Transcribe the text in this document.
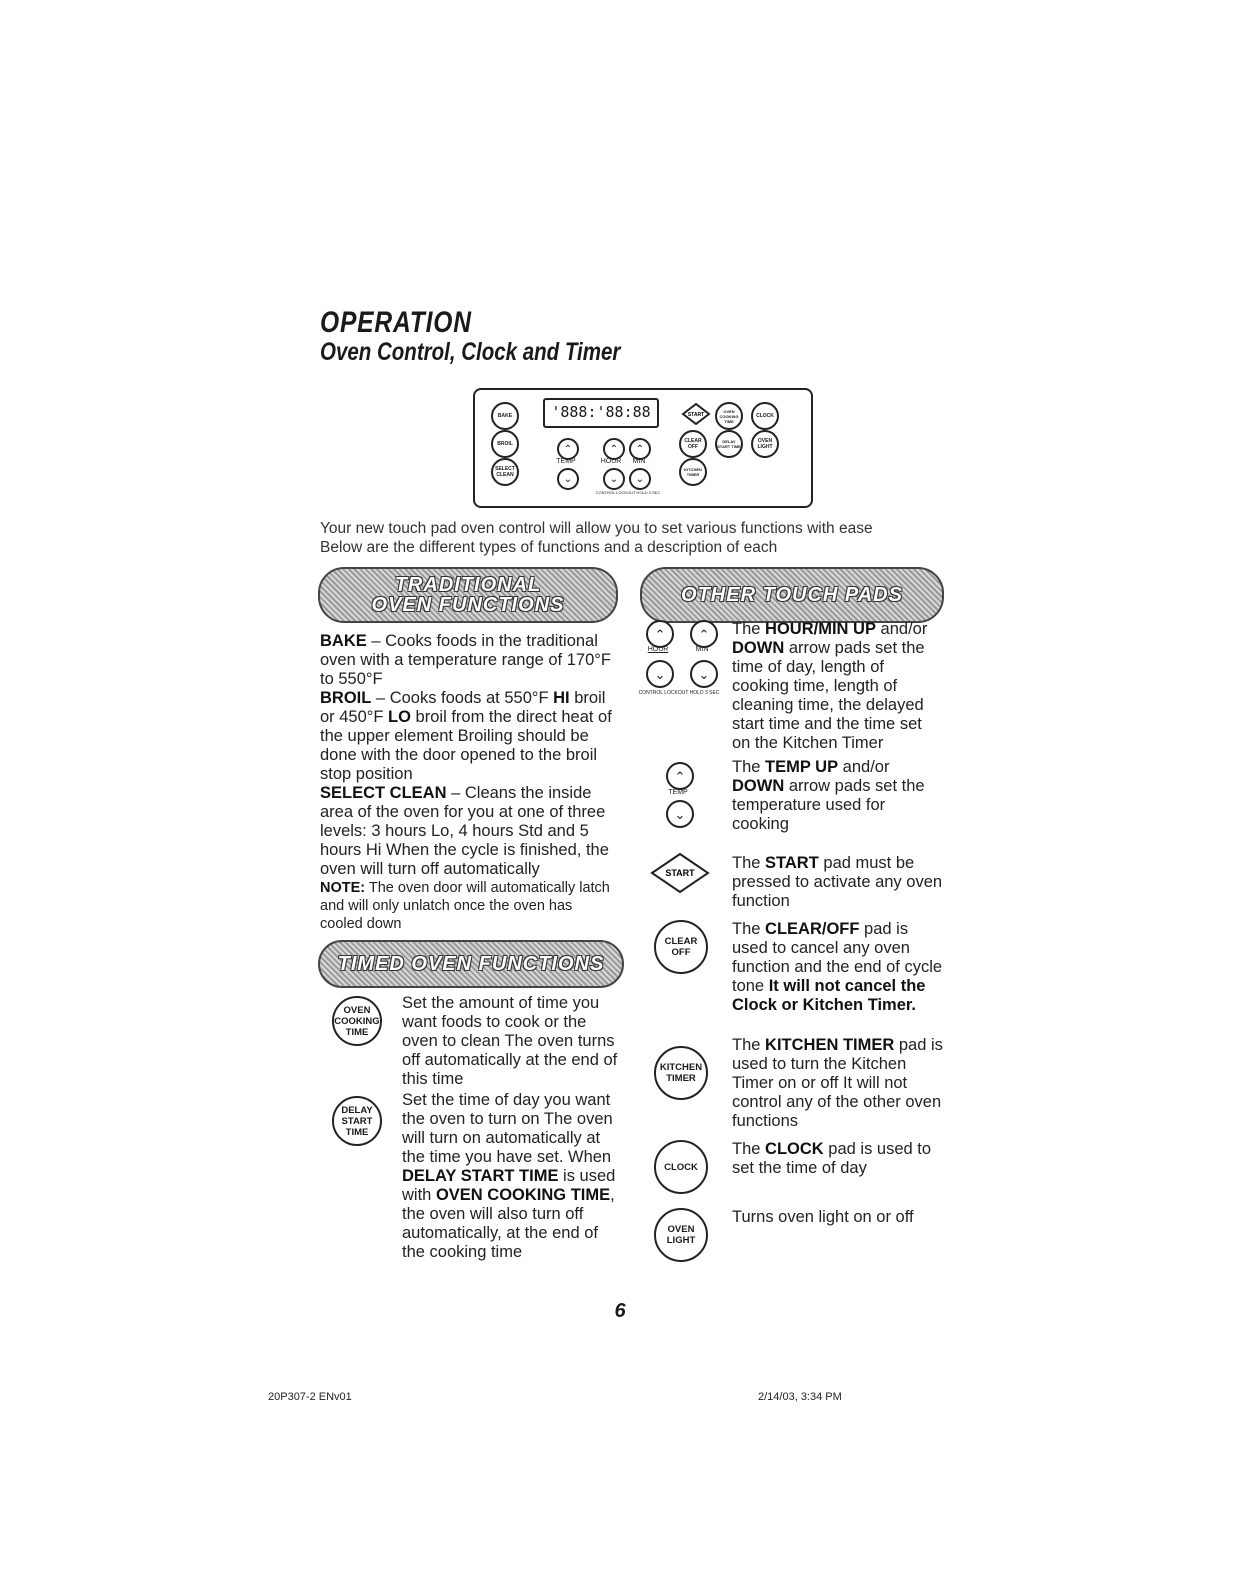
OPERATION
Oven Control, Clock and Timer
BAKE
BROIL
SELECT CLEAN
'888:'88:88
⌃
TEMP
⌄
⌃	⌃
HOUR	MIN
⌄	⌄
CONTROL LOCKOUT HOLD 3 SEC
START
OVEN COOKING TIME
CLOCK
CLEAR OFF
DELAY START TIME
OVEN LIGHT
KITCHEN TIMER
Your new touch pad oven control will allow you to set various functions with ease
Below are the different types of functions and a description of each
TRADITIONAL
OVEN FUNCTIONS	OTHER TOUCH PADS
TIMED OVEN FUNCTIONS

BAKE – Cooks foods in the traditional oven with a temperature range of 170°F to 550°F

BROIL – Cooks foods at 550°F HI broil or 450°F LO broil from the direct heat of the upper element Broiling should be done with the door opened to the broil stop position

SELECT CLEAN – Cleans the inside area of the oven for you at one of three levels: 3 hours Lo, 4 hours Std and 5 hours Hi When the cycle is finished, the oven will turn off automatically

NOTE: The oven door will automatically latch and will only unlatch once the oven has cooled down

OVEN COOKING TIME
Set the amount of time you want foods to cook or the oven to clean The oven turns off automatically at the end of this time
DELAY START TIME
Set the time of day you want the oven to turn on The oven will turn on automatically at the time you have set. When DELAY START TIME is used with OVEN COOKING TIME, the oven will also turn off automatically, at the end of the cooking time
⌃	⌃
HOUR	MIN
⌄	⌄
CONTROL LOCKOUT HOLD 3 SEC
⌃
TEMP
⌄
START
CLEAR OFF
KITCHEN TIMER
CLOCK
OVEN LIGHT
The HOUR/MIN UP and/or DOWN arrow pads set the time of day, length of cooking time, length of cleaning time, the delayed start time and the time set on the Kitchen Timer
The TEMP UP and/or DOWN arrow pads set the temperature used for cooking
The START pad must be pressed to activate any oven function
The CLEAR/OFF pad is used to cancel any oven function and the end of cycle tone It will not cancel the Clock or Kitchen Timer.
The KITCHEN TIMER pad is used to turn the Kitchen Timer on or off It will not control any of the other oven functions
The CLOCK pad is used to set the time of day
Turns oven light on or off
6
20P307-2 ENv01	2/14/03, 3:34 PM
